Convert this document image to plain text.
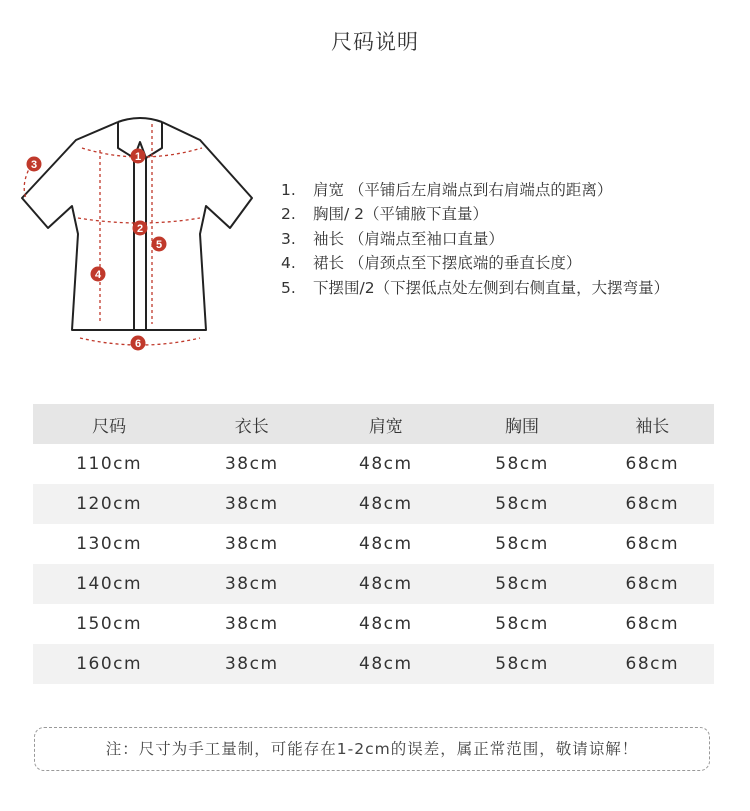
尺码说明
1
2
3
4
5
6
1. 肩宽 （平铺后左肩端点到右肩端点的距离）
2. 胸围/ 2（平铺腋下直量）
3. 袖长 （肩端点至袖口直量）
4. 裙长 （肩颈点至下摆底端的垂直长度）
5. 下摆围/2（下摆低点处左侧到右侧直量，大摆弯量）
尺码	衣长	肩宽	胸围	袖长
110cm	38cm	48cm	58cm	68cm
120cm	38cm	48cm	58cm	68cm
130cm	38cm	48cm	58cm	68cm
140cm	38cm	48cm	58cm	68cm
150cm	38cm	48cm	58cm	68cm
160cm	38cm	48cm	58cm	68cm
注：尺寸为手工量制，可能存在1-2cm的误差，属正常范围，敬请谅解！
